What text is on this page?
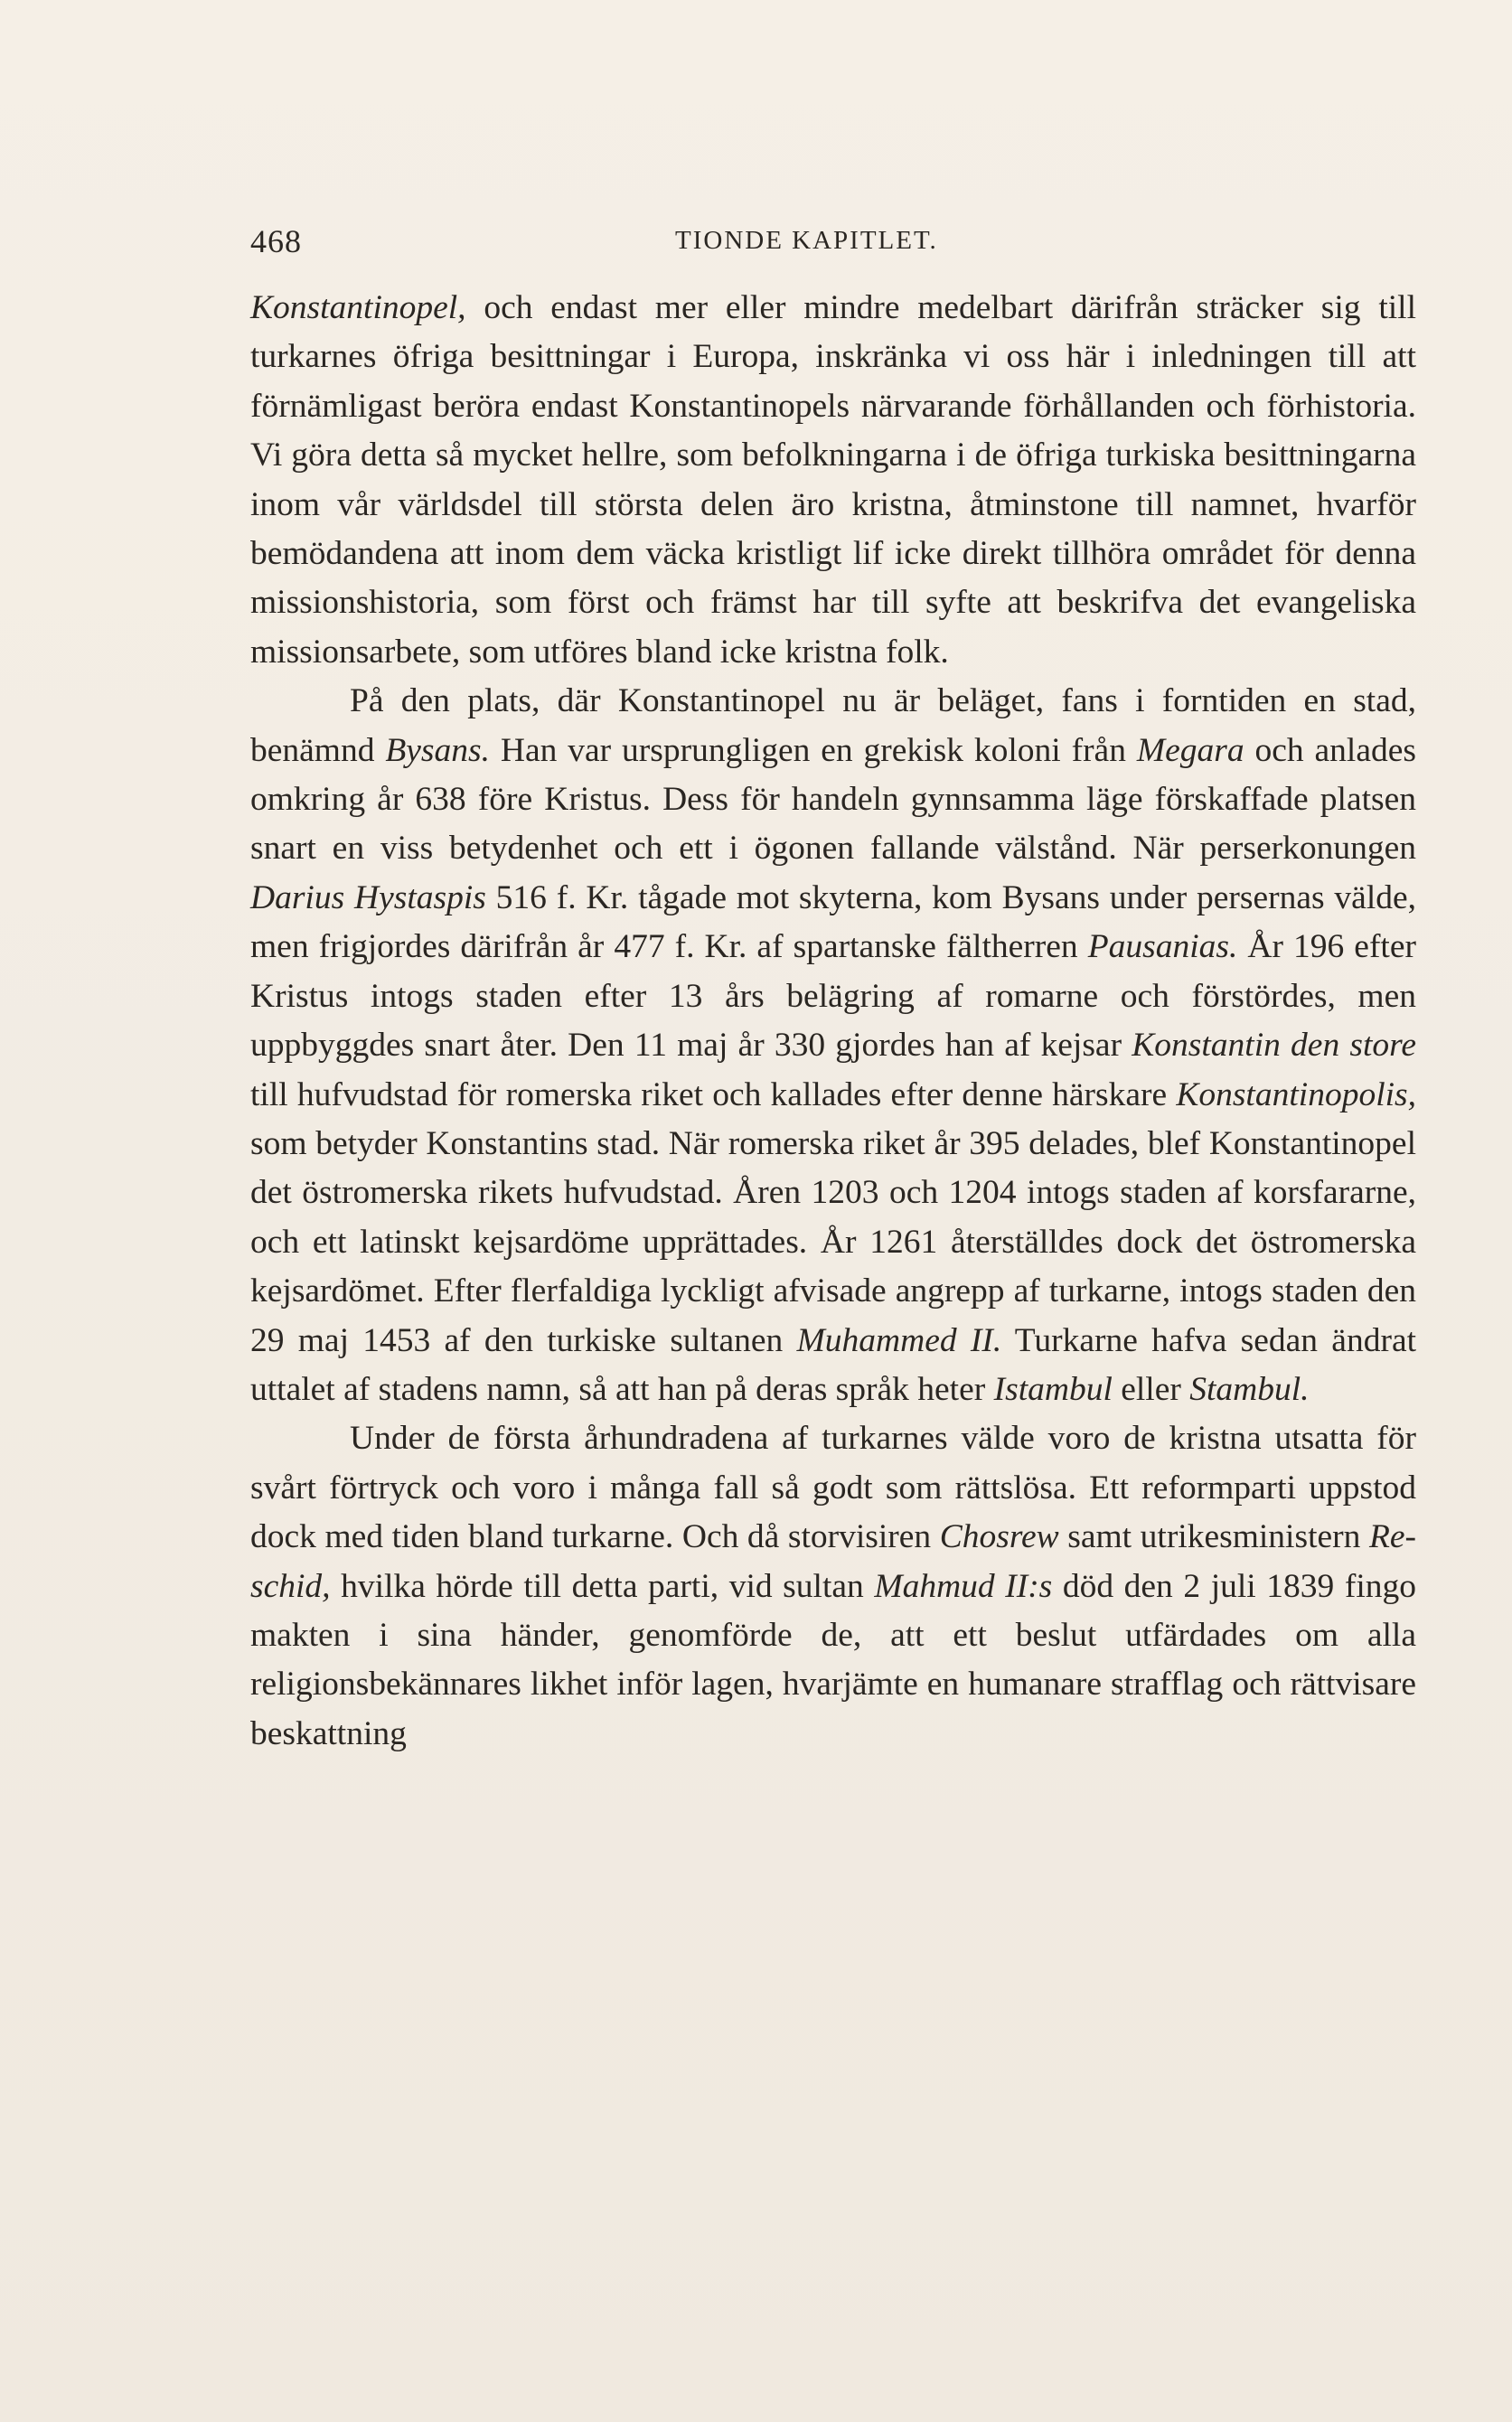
468	TIONDE KAPITLET.

Konstantinopel, och endast mer eller mindre medelbart därifrån sträcker sig till turkarnes öfriga besittningar i Europa, inskränka vi oss här i inledningen till att förnämligast beröra endast Konstantinopels närvarande förhållanden och förhistoria. Vi göra detta så mycket hellre, som befolkningarna i de öfriga turkiska besittningarna inom vår världsdel till största delen äro kristna, åtminstone till namnet, hvarför bemödandena att inom dem väcka kristligt lif icke direkt tillhöra området för denna missionshistoria, som först och främst har till syfte att beskrifva det evangeliska missionsarbete, som utföres bland icke kristna folk.

På den plats, där Konstantinopel nu är beläget, fans i forntiden en stad, benämnd Bysans. Han var ursprungligen en grekisk koloni från Megara och anlades omkring år 638 före Kristus. Dess för handeln gynnsamma läge förskaffade platsen snart en viss betydenhet och ett i ögonen fallande välstånd. När perserkonungen Darius Hystaspis 516 f. Kr. tågade mot skyterna, kom Bysans under persernas välde, men frigjordes därifrån år 477 f. Kr. af spartanske fältherren Pausanias. År 196 efter Kristus intogs staden efter 13 års belägring af romarne och förstördes, men uppbyggdes snart åter. Den 11 maj år 330 gjordes han af kejsar Konstantin den store till hufvudstad för romerska riket och kallades efter denne härskare Konstantinopolis, som betyder Konstantins stad. När romerska riket år 395 delades, blef Konstantinopel det östromerska rikets hufvudstad. Åren 1203 och 1204 intogs staden af korsfararne, och ett latinskt kejsardöme upprättades. År 1261 återställdes dock det östromerska kejsardömet. Efter flerfaldiga lyckligt afvisade angrepp af turkarne, intogs staden den 29 maj 1453 af den turkiske sultanen Muhammed II. Turkarne hafva sedan ändrat uttalet af stadens namn, så att han på deras språk heter Istambul eller Stambul.

Under de första århundradena af turkarnes välde voro de kristna utsatta för svårt förtryck och voro i många fall så godt som rättslösa. Ett reformparti uppstod dock med tiden bland turkarne. Och då storvisiren Chosrew samt utrikesministern Reschid, hvilka hörde till detta parti, vid sultan Mahmud II:s död den 2 juli 1839 fingo makten i sina händer, genomförde de, att ett beslut utfärdades om alla religionsbekännares likhet inför lagen, hvarjämte en humanare strafflag och rättvisare beskattning
